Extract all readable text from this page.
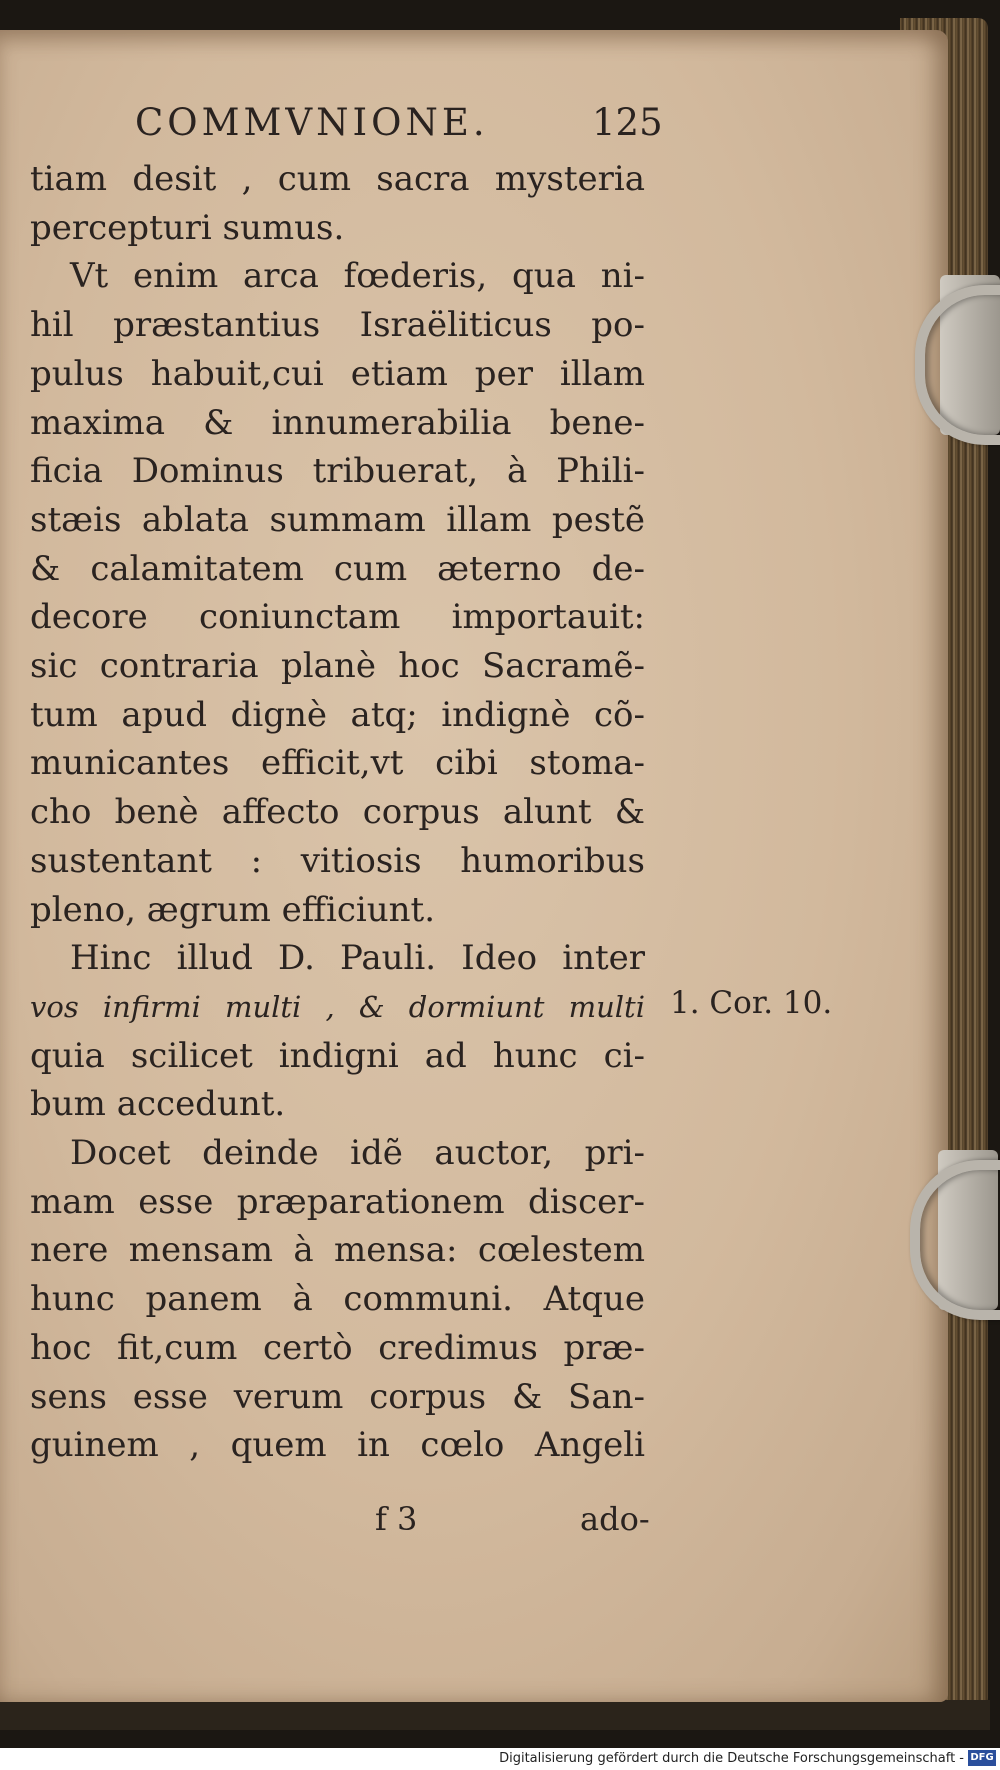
COMMVNIONE.	125
tiam desit , cum sacra mysteria
percepturi sumus.
Vt enim arca fœderis, qua ni-
hil præstantius Israëliticus po-
pulus habuit,cui etiam per illam
maxima & innumerabilia bene-
ficia Dominus tribuerat, à Phili-
stæis ablata summam illam pestẽ
& calamitatem cum æterno de-
decore coniunctam importauit:
sic contraria planè hoc Sacramẽ-
tum apud dignè atq; indignè cõ-
municantes efficit,vt cibi stoma-
cho benè affecto corpus alunt &
sustentant : vitiosis humoribus
pleno, ægrum efficiunt.
Hinc illud D. Pauli. Ideo inter
vos infirmi multi , & dormiunt multi
quia scilicet indigni ad hunc ci-
bum accedunt.
Docet deinde idẽ auctor, pri-
mam esse præparationem discer-
nere mensam à mensa: cœlestem
hunc panem à communi. Atque
hoc fit,cum certò credimus præ-
sens esse verum corpus & San-
guinem , quem in cœlo Angeli
1. Cor. 10.
f 3	ado-
Digitalisierung gefördert durch die Deutsche Forschungsgemeinschaft - DFG
